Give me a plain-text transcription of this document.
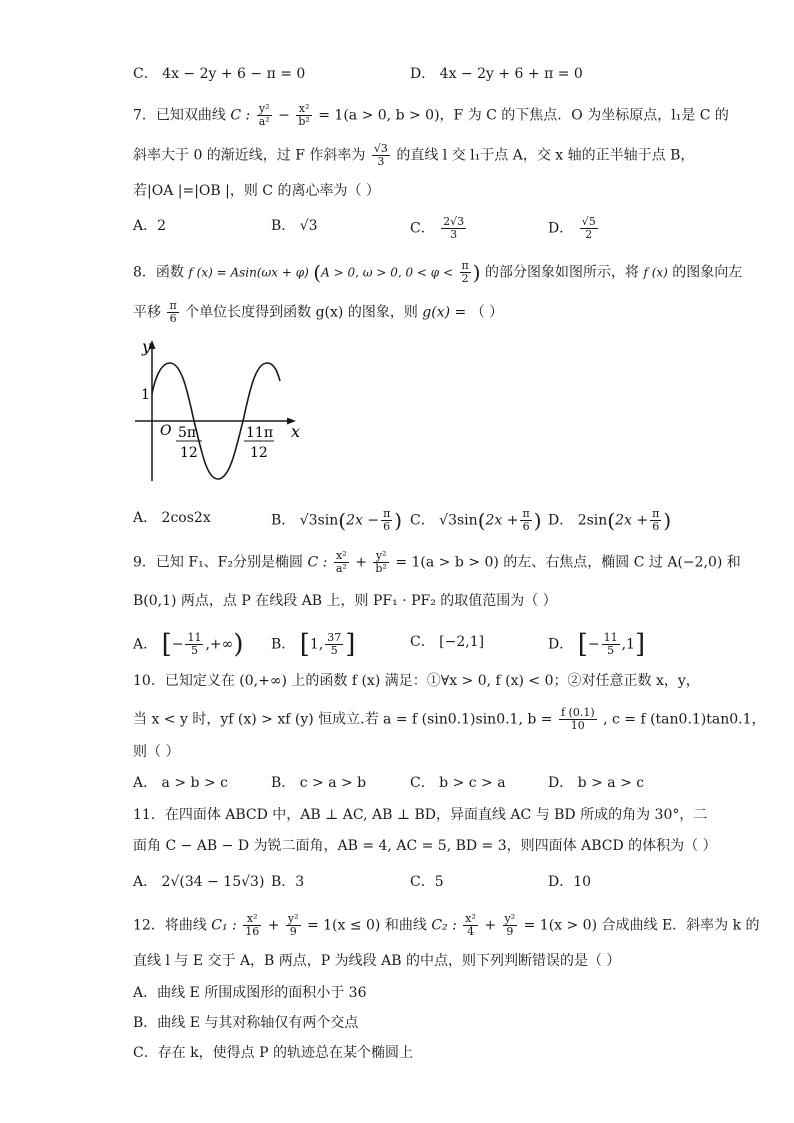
C． 4x − 2y + 6 − π = 0	D． 4x − 2y + 6 + π = 0
7．已知双曲线 C : $\frac{\text{y²}}{\text{a²}} - \frac{\text{x²}}{\text{b²}} = 1(a > 0$, b > 0)，F 为 C 的下焦点．O 为坐标原点，l₁是 C 的
斜率大于 0 的渐近线，过 F 作斜率为 $\frac{√3}{3}$ 的直线 l 交 l₁于点 A，交 x 轴的正半轴于点 B，
若|OA |=|OB |，则 C 的离心率为（ ）
A．2	B． √3	C． $\frac{2√3}{3}$	D． $\frac{√5}{2}$
8．函数 f (x) = Asin(ωx + φ) (A > 0, ω > 0, $0 < \varphi < \frac{\pi}{2}$ ) 的部分图象如图所示，将 f (x) 的图象向左
平移 $\frac{\pi}{6}$ 个单位长度得到函数 g(x) 的图象，则 g(x) = （ ）
y
x
O
1
5π
12
11π
12
A． 2cos2x	B． $√3\sin(2x - \frac{\pi}{6}$ ) C． $√3\sin(2x + \frac{\pi}{6}$ ) D． $2\sin(2x + \frac{\pi}{6}$ )
9．已知 F₁、F₂分别是椭圆 C : $\frac{\text{x²}}{\text{a²}} + \frac{\text{y²}}{\text{b²}} = 1(a > b > 0)$ 的左、右焦点，椭圆 C 过 A(−2,0) 和
B(0,1) 两点，点 P 在线段 AB 上，则 PF₁ · PF₂ 的取值范围为（ ）
A． [− $\frac{11}{5}$ ,+∞) B． [1, $\frac{37}{5}$ ]	C． [−2,1]	D． [− $\frac{11}{5} ,1$]
10．已知定义在 (0,+∞) 上的函数 f (x) 满足：①∀x > 0, f (x) < 0；②对任意正数 x，y，
当 x < y 时，yf (x) > xf (y) 恒成立.若 a = f (sin0.1)sin0.1, $b = \frac{f (0.1)}{10}$ , c = f (tan0.1)tan0.1，
则（ ）
A． a > b > c	B． c > a > b	C． b > c > a	D． b > a > c
11．在四面体 ABCD 中，AB ⊥ AC, AB ⊥ BD，异面直线 AC 与 BD 所成的角为 30°，二
面角 C − AB − D 为锐二面角，AB = 4, AC = 5, BD = 3，则四面体 ABCD 的体积为（ ）
A． 2√(34 − 15√3) B．3	C．5	D．10
12．将曲线 C₁ : $\frac{\text{x²}}{16} + \frac{\text{y²}}{9} = 1(x \le 0)$ 和曲线 C₂ : $\frac{\text{x²}}{4} + \frac{\text{y²}}{9} = 1(x > 0)$ 合成曲线 E．斜率为 k 的
直线 l 与 E 交于 A，B 两点，P 为线段 AB 的中点，则下列判断错误的是（ ）
A．曲线 E 所围成图形的面积小于 36
B．曲线 E 与其对称轴仅有两个交点
C．存在 k，使得点 P 的轨迹总在某个椭圆上
